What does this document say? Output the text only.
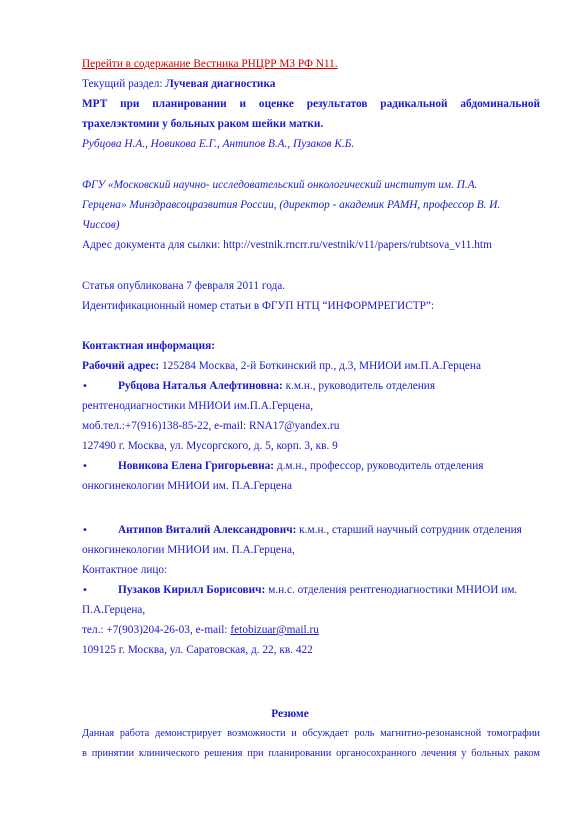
Перейти в содержание Вестника РНЦРР МЗ РФ N11.
Текущий раздел: Лучевая диагностика
МРТ при планировании и оценке результатов радикальной абдоминальной
трахелэктомии у больных раком шейки матки.
Рубцова Н.А., Новикова Е.Г., Антипов В.А., Пузаков К.Б.
ФГУ «Московский научно- исследовательский онкологический институт им. П.А.
Герцена» Минздравсоцразвития России, (директор - академик РАМН, профессор В. И.
Чиссов)
Адрес документа для сылки: http://vestnik.rncrr.ru/vestnik/v11/papers/rubtsova_v11.htm
Статья опубликована 7 февраля 2011 года.
Идентификационный номер статьи в ФГУП НТЦ “ИНФОРМРЕГИСТР”:
Контактная информация:
Рабочий адрес: 125284 Москва, 2-й Боткинский пр., д.3, МНИОИ им.П.А.Герцена
•	Рубцова Наталья Алефтиновна: к.м.н., руководитель отделения
рентгенодиагностики МНИОИ им.П.А.Герцена,
моб.тел.:+7(916)138-85-22, e-mail: RNA17@yandex.ru
127490 г. Москва, ул. Мусоргского, д. 5, корп. 3, кв. 9
•	Новикова Елена Григорьевна: д.м.н., профессор, руководитель отделения
онкогинекологии МНИОИ им. П.А.Герцена
•	Антипов Виталий Александрович: к.м.н., старший научный сотрудник отделения
онкогинекологии МНИОИ им. П.А.Герцена,
Контактное лицо:
•	Пузаков Кирилл Борисович: м.н.с. отделения рентгенодиагностики МНИОИ им.
П.А.Герцена,
тел.: +7(903)204-26-03, e-mail: fetobizuar@mail.ru
109125 г. Москва, ул. Саратовская, д. 22, кв. 422
Резюме
Данная работа демонстрирует возможности и обсуждает роль магнитно-резонансной томографии
в принятии клинического решения при планировании органосохранного лечения у больных раком
